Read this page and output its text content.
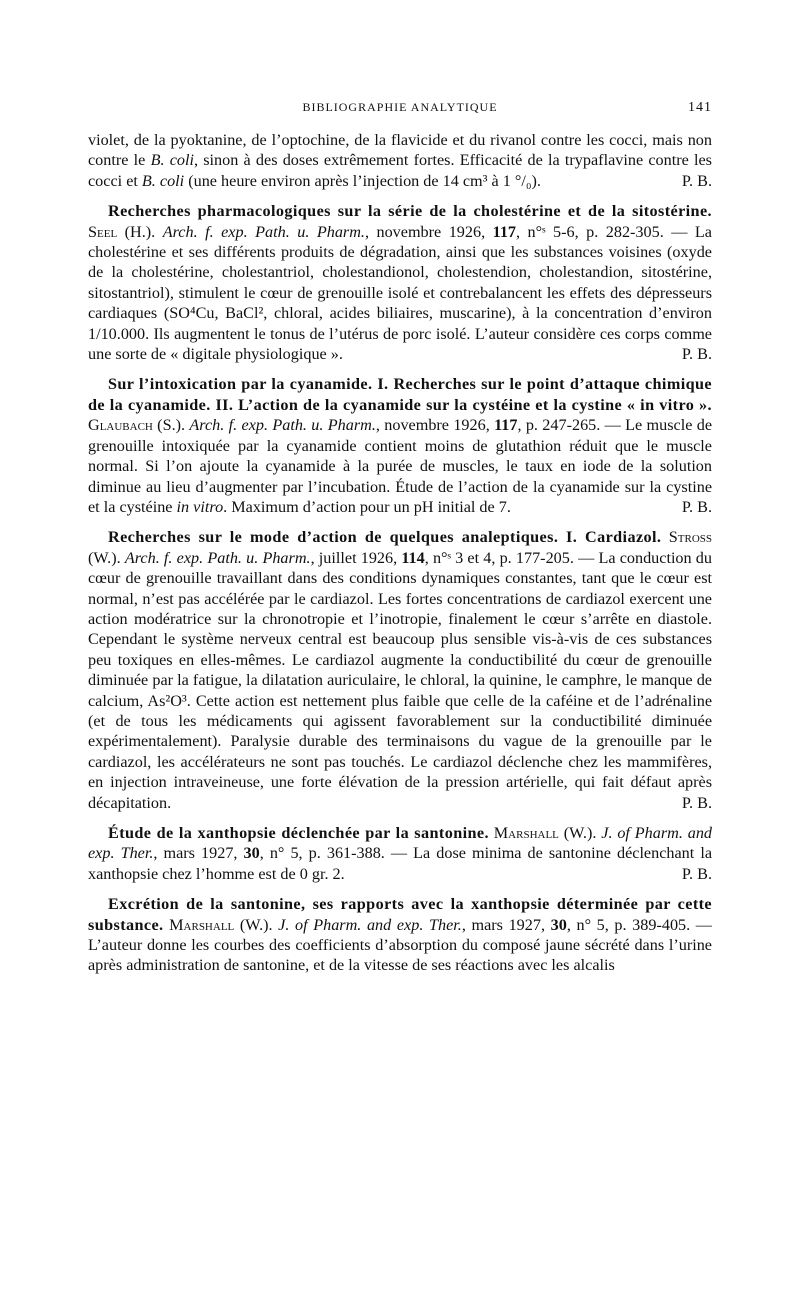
BIBLIOGRAPHIE ANALYTIQUE	141

violet, de la pyoktanine, de l’optochine, de la flavicide et du rivanol contre les cocci, mais non contre le B. coli, sinon à des doses extrêmement fortes. Efficacité de la trypaflavine contre les cocci et B. coli (une heure environ après l’injection de 14 cm³ à 1 °/₀).	P. B.

Recherches pharmacologiques sur la série de la cholestérine et de la sitostérine. Seel (H.). Arch. f. exp. Path. u. Pharm., novembre 1926, 117, n°ˢ 5-6, p. 282-305. — La cholestérine et ses différents produits de dégradation, ainsi que les substances voisines (oxyde de la cholestérine, cholestantriol, cholestandionol, cholestendion, cholestandion, sitostérine, sitostantriol), stimulent le cœur de grenouille isolé et contrebalancent les effets des dépresseurs cardiaques (SO⁴Cu, BaCl², chloral, acides biliaires, muscarine), à la concentration d’environ 1/10.000. Ils augmentent le tonus de l’utérus de porc isolé. L’auteur considère ces corps comme une sorte de « digitale physiologique ».	P. B.

Sur l’intoxication par la cyanamide. I. Recherches sur le point d’attaque chimique de la cyanamide. II. L’action de la cyanamide sur la cystéine et la cystine « in vitro ». Glaubach (S.). Arch. f. exp. Path. u. Pharm., novembre 1926, 117, p. 247-265. — Le muscle de grenouille intoxiquée par la cyanamide contient moins de glutathion réduit que le muscle normal. Si l’on ajoute la cyanamide à la purée de muscles, le taux en iode de la solution diminue au lieu d’augmenter par l’incubation. Étude de l’action de la cyanamide sur la cystine et la cystéine in vitro. Maximum d’action pour un pH initial de 7.	P. B.

Recherches sur le mode d’action de quelques analeptiques. I. Cardiazol. Stross (W.). Arch. f. exp. Path. u. Pharm., juillet 1926, 114, n°ˢ 3 et 4, p. 177-205. — La conduction du cœur de grenouille travaillant dans des conditions dynamiques constantes, tant que le cœur est normal, n’est pas accélérée par le cardiazol. Les fortes concentrations de cardiazol exercent une action modératrice sur la chronotropie et l’inotropie, finalement le cœur s’arrête en diastole. Cependant le système nerveux central est beaucoup plus sensible vis-à-vis de ces substances peu toxiques en elles-mêmes. Le cardiazol augmente la conductibilité du cœur de grenouille diminuée par la fatigue, la dilatation auriculaire, le chloral, la quinine, le camphre, le manque de calcium, As²O³. Cette action est nettement plus faible que celle de la caféine et de l’adrénaline (et de tous les médicaments qui agissent favorablement sur la conductibilité diminuée expérimentalement). Paralysie durable des terminaisons du vague de la grenouille par le cardiazol, les accélérateurs ne sont pas touchés. Le cardiazol déclenche chez les mammifères, en injection intraveineuse, une forte élévation de la pression artérielle, qui fait défaut après décapitation.	P. B.

Étude de la xanthopsie déclenchée par la santonine. Marshall (W.). J. of Pharm. and exp. Ther., mars 1927, 30, n° 5, p. 361-388. — La dose minima de santonine déclenchant la xanthopsie chez l’homme est de 0 gr. 2.	P. B.

Excrétion de la santonine, ses rapports avec la xanthopsie déterminée par cette substance. Marshall (W.). J. of Pharm. and exp. Ther., mars 1927, 30, n° 5, p. 389-405. — L’auteur donne les courbes des coefficients d’absorption du composé jaune sécrété dans l’urine après administration de santonine, et de la vitesse de ses réactions avec les alcalis
